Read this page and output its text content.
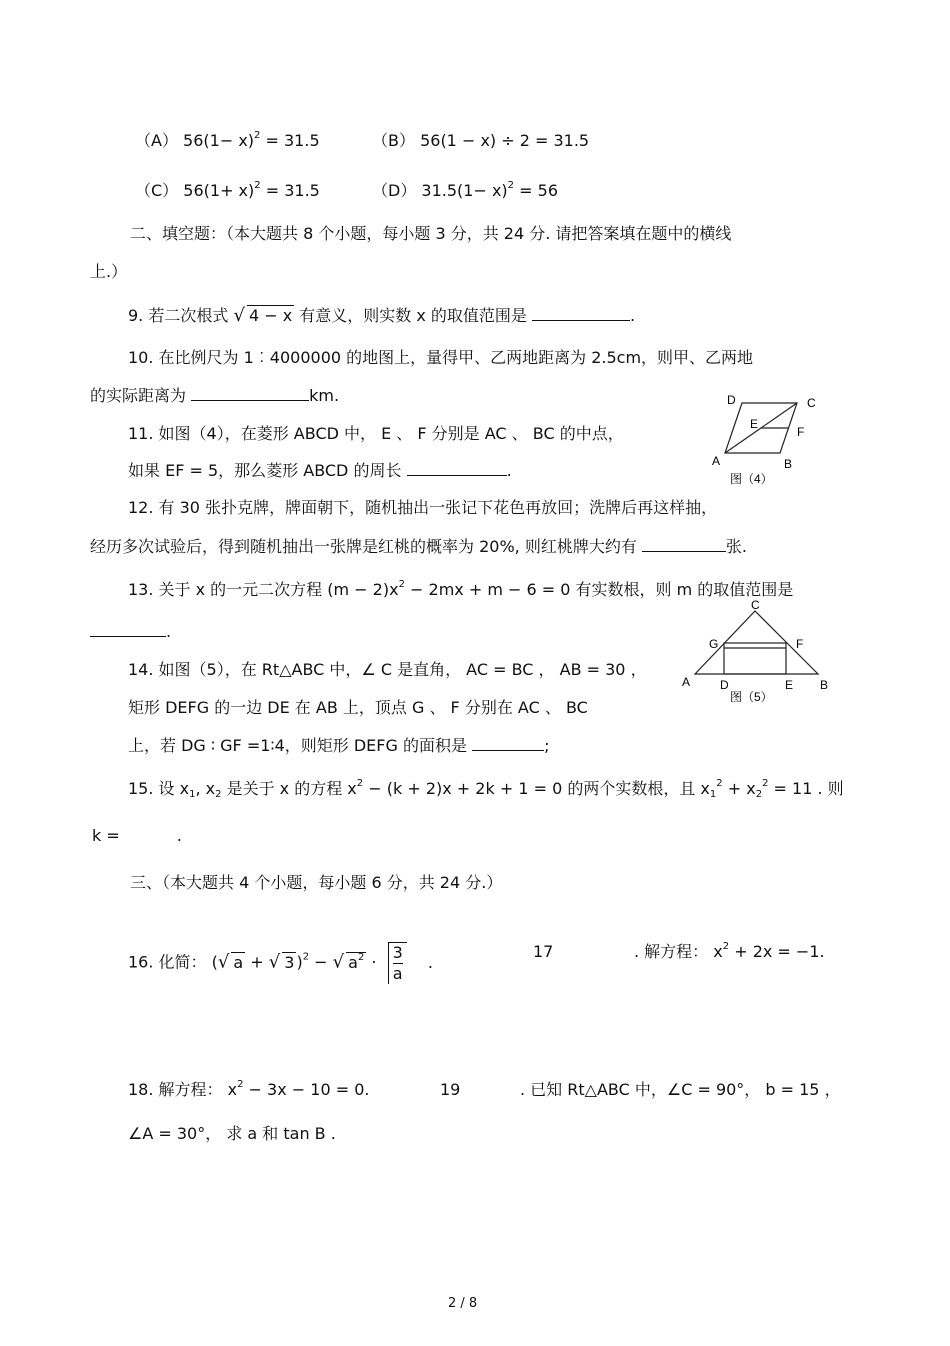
（A） $56(1- x)^2 = 31.5$	（B） 56(1 − x) ÷ 2 = 31.5
（C） $56(1+ x)^2 = 31.5$	（D） $31.5(1- x)^2 = 56$
二、填空题：（本大题共 8 个小题，每小题 3 分，共 24 分. 请把答案填在题中的横线
上.）
9. 若二次根式 √ 4 − x 有意义，则实数 x 的取值范围是	.
10. 在比例尺为 1︰4000000 的地图上，量得甲、乙两地距离为 2.5cm，则甲、乙两地
的实际距离为	km.
11. 如图（4），在菱形 ABCD 中， E 、 F 分别是 AC 、 BC 的中点，
如果 EF = 5，那么菱形 ABCD 的周长	.
D	C
E
F
A	B
图（4）
12. 有 30 张扑克牌，牌面朝下，随机抽出一张记下花色再放回；洗牌后再这样抽，
经历多次试验后，得到随机抽出一张牌是红桃的概率为 20%, 则红桃牌大约有	张.
13. 关于 x 的一元二次方程 $(m - 2)x^2 - 2mx + m - 6 = 0$ 有实数根，则 m 的取值范围是
.
14. 如图（5），在 Rt△ABC 中，∠ C 是直角， AC = BC ， AB = 30 ，
矩形 DEFG 的一边 DE 在 AB 上，顶点 G 、 F 分别在 AC 、 BC
上，若 DG ∶ GF =1∶4，则矩形 DEFG 的面积是	;
C
G	F
A D	E B
图（5）
15. 设 $x_1$, $x_2$ 是关于 x 的方程 $x^2 - (k + 2)x + 2k + 1 = 0$ 的两个实数根，且 $x_1^2 + x_2^2 = 11$ . 则
k =	.
三、（本大题共 4 个小题，每小题 6 分，共 24 分.）
16. 化简： (√ a + √ 3 )$^2$ − √ $a^2 \cdot \frac{3}{a}$ .
17	. 解方程： $x^2 + 2x = -1$.
18. 解方程： $x^2 - 3x - 10 = 0$.	19	. 已知 Rt△ABC 中，∠C = 90°， b = 15 ，
∠A = 30°， 求 a 和 tan B .
2 / 8
